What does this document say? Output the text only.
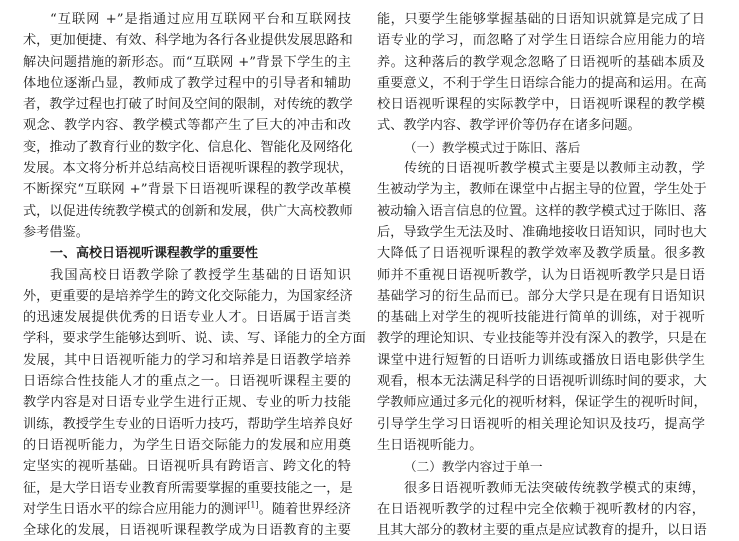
“互联网 +”是指通过应用互联网平台和互联网技
术，更加便捷、有效、科学地为各行各业提供发展思路和
解决问题措施的新形态。而“互联网 +”背景下学生的主
体地位逐渐凸显，教师成了教学过程中的引导者和辅助
者，教学过程也打破了时间及空间的限制，对传统的教学
观念、教学内容、教学模式等都产生了巨大的冲击和改
变，推动了教育行业的数字化、信息化、智能化及网络化
发展。本文将分析并总结高校日语视听课程的教学现状，
不断探究“互联网 +”背景下日语视听课程的教学改革模
式，以促进传统教学模式的创新和发展，供广大高校教师
参考借鉴。
一、高校日语视听课程教学的重要性
我国高校日语教学除了教授学生基础的日语知识
外，更重要的是培养学生的跨文化交际能力，为国家经济
的迅速发展提供优秀的日语专业人才。日语属于语言类
学科，要求学生能够达到听、说、读、写、译能力的全方面
发展，其中日语视听能力的学习和培养是日语教学培养
日语综合性技能人才的重点之一。日语视听课程主要的
教学内容是对日语专业学生进行正规、专业的听力技能
训练，教授学生专业的日语听力技巧，帮助学生培养良好
的日语视听能力，为学生日语交际能力的发展和应用奠
定坚实的视听基础。日语视听具有跨语言、跨文化的特
征，是大学日语专业教育所需要掌握的重要技能之一，是
对学生日语水平的综合应用能力的测评[1]。随着世界经济
全球化的发展，日语视听课程教学成为日语教育的主要
能，只要学生能够掌握基础的日语知识就算是完成了日
语专业的学习，而忽略了对学生日语综合应用能力的培
养。这种落后的教学观念忽略了日语视听的基础本质及
重要意义，不利于学生日语综合能力的提高和运用。在高
校日语视听课程的实际教学中，日语视听课程的教学模
式、教学内容、教学评价等仍存在诸多问题。
（一）教学模式过于陈旧、落后
传统的日语视听教学模式主要是以教师主动教，学
生被动学为主，教师在课堂中占据主导的位置，学生处于
被动输入语言信息的位置。这样的教学模式过于陈旧、落
后，导致学生无法及时、准确地接收日语知识，同时也大
大降低了日语视听课程的教学效率及教学质量。很多教
师并不重视日语视听教学，认为日语视听教学只是日语
基础学习的衍生品而已。部分大学只是在现有日语知识
的基础上对学生的视听技能进行简单的训练，对于视听
教学的理论知识、专业技能等并没有深入的教学，只是在
课堂中进行短暂的日语听力训练或播放日语电影供学生
观看，根本无法满足科学的日语视听训练时间的要求，大
学教师应通过多元化的视听材料，保证学生的视听时间，
引导学生学习日语视听的相关理论知识及技巧，提高学
生日语视听能力。
（二）教学内容过于单一
很多日语视听教师无法突破传统教学模式的束缚，
在日语视听教学的过程中完全依赖于视听教材的内容，
且其大部分的教材主要的重点是应试教育的提升，以日语
